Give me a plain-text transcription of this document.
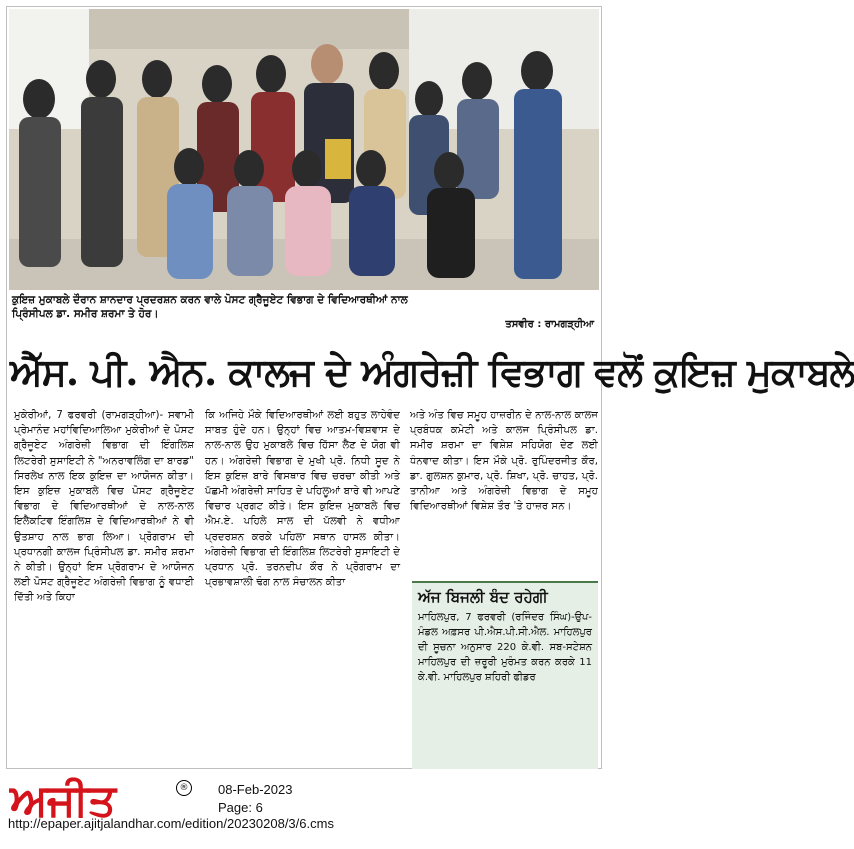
ਕੁਇਜ਼ ਮੁਕਾਬਲੇ ਦੌਰਾਨ ਸ਼ਾਨਦਾਰ ਪ੍ਰਦਰਸ਼ਨ ਕਰਨ ਵਾਲੇ ਪੋਸਟ ਗ੍ਰੈਜੂਏਟ ਵਿਭਾਗ ਦੇ ਵਿਦਿਆਰਥੀਆਂ ਨਾਲ
ਪ੍ਰਿੰਸੀਪਲ ਡਾ. ਸਮੀਰ ਸ਼ਰਮਾ ਤੇ ਹੋਰ।
ਤਸਵੀਰ : ਰਾਮਗੜ੍ਹੀਆ
ਐੱਸ. ਪੀ. ਐਨ. ਕਾਲਜ ਦੇ ਅੰਗਰੇਜ਼ੀ ਵਿਭਾਗ ਵਲੋਂ ਕੁਇਜ਼ ਮੁਕਾਬਲੇ
ਮੁਕੇਰੀਆਂ, 7 ਫਰਵਰੀ (ਰਾਮਗੜ੍ਹੀਆ)- ਸਵਾਮੀ ਪ੍ਰੇਮਾਨੰਦ ਮਹਾਂਵਿਦਿਆਲਿਆ ਮੁਕੇਰੀਆਂ ਦੇ ਪੋਸਟ ਗ੍ਰੈਜੂਏਟ ਅੰਗਰੇਜ਼ੀ ਵਿਭਾਗ ਦੀ ਇੰਗਲਿਸ਼ ਲਿਟਰੇਰੀ ਸੁਸਾਇਟੀ ਨੇ "ਅਨਰਾਵਲਿੰਗ ਦਾ ਬਾਰਡ" ਸਿਰਲੇਖ ਨਾਲ ਇਕ ਕੁਇਜ਼ ਦਾ ਆਯੋਜਨ ਕੀਤਾ। ਇਸ ਕੁਇਜ਼ ਮੁਕਾਬਲੇ ਵਿਚ ਪੋਸਟ ਗ੍ਰੈਜੂਏਟ ਵਿਭਾਗ ਦੇ ਵਿਦਿਆਰਥੀਆਂ ਦੇ ਨਾਲ-ਨਾਲ ਇਲੈਕਟਿਵ ਇੰਗਲਿਸ਼ ਦੇ ਵਿਦਿਆਰਥੀਆਂ ਨੇ ਵੀ ਉਤਸ਼ਾਹ ਨਾਲ ਭਾਗ ਲਿਆ। ਪ੍ਰੋਗਰਾਮ ਦੀ ਪ੍ਰਧਾਨਗੀ ਕਾਲਜ ਪ੍ਰਿੰਸੀਪਲ ਡਾ. ਸਮੀਰ ਸ਼ਰਮਾ ਨੇ ਕੀਤੀ। ਉਨ੍ਹਾਂ ਇਸ ਪ੍ਰੋਗਰਾਮ ਦੇ ਆਯੋਜਨ ਲਈ ਪੋਸਟ ਗ੍ਰੈਜੂਏਟ ਅੰਗਰੇਜ਼ੀ ਵਿਭਾਗ ਨੂੰ ਵਧਾਈ ਦਿੱਤੀ ਅਤੇ ਕਿਹਾ
ਕਿ ਅਜਿਹੇ ਮੌਕੇ ਵਿਦਿਆਰਥੀਆਂ ਲਈ ਬਹੁਤ ਲਾਹੇਵੰਦ ਸਾਬਤ ਹੁੰਦੇ ਹਨ। ਉਨ੍ਹਾਂ ਵਿਚ ਆਤਮ-ਵਿਸ਼ਵਾਸ ਦੇ ਨਾਲ-ਨਾਲ ਉਹ ਮੁਕਾਬਲੇ ਵਿਚ ਹਿੱਸਾ ਲੈਣ ਦੇ ਯੋਗ ਵੀ ਹਨ। ਅੰਗਰੇਜ਼ੀ ਵਿਭਾਗ ਦੇ ਮੁਖੀ ਪ੍ਰੋ. ਨਿਧੀ ਸੂਦ ਨੇ ਇਸ ਕੁਇਜ਼ ਬਾਰੇ ਵਿਸਥਾਰ ਵਿਚ ਚਰਚਾ ਕੀਤੀ ਅਤੇ ਪੱਛਮੀ ਅੰਗਰੇਜ਼ੀ ਸਾਹਿਤ ਦੇ ਪਹਿਲੂਆਂ ਬਾਰੇ ਵੀ ਆਪਣੇ ਵਿਚਾਰ ਪ੍ਰਗਟ ਕੀਤੇ। ਇਸ ਕੁਇਜ਼ ਮੁਕਾਬਲੇ ਵਿਚ ਐਮ.ਏ. ਪਹਿਲੇ ਸਾਲ ਦੀ ਪੱਲਵੀ ਨੇ ਵਧੀਆ ਪ੍ਰਦਰਸ਼ਨ ਕਰਕੇ ਪਹਿਲਾ ਸਥਾਨ ਹਾਸਲ ਕੀਤਾ। ਅੰਗਰੇਜ਼ੀ ਵਿਭਾਗ ਦੀ ਇੰਗਲਿਸ਼ ਲਿਟਰੇਰੀ ਸੁਸਾਇਟੀ ਦੇ ਪ੍ਰਧਾਨ ਪ੍ਰੋ. ਤਰਨਦੀਪ ਕੌਰ ਨੇ ਪ੍ਰੋਗਰਾਮ ਦਾ ਪ੍ਰਭਾਵਸ਼ਾਲੀ ਢੰਗ ਨਾਲ ਸੰਚਾਲਨ ਕੀਤਾ
ਅਤੇ ਅੰਤ ਵਿਚ ਸਮੂਹ ਹਾਜ਼ਰੀਨ ਦੇ ਨਾਲ-ਨਾਲ ਕਾਲਜ ਪ੍ਰਬੰਧਕ ਕਮੇਟੀ ਅਤੇ ਕਾਲਜ ਪ੍ਰਿੰਸੀਪਲ ਡਾ. ਸਮੀਰ ਸ਼ਰਮਾ ਦਾ ਵਿਸ਼ੇਸ਼ ਸਹਿਯੋਗ ਦੇਣ ਲਈ ਧੰਨਵਾਦ ਕੀਤਾ। ਇਸ ਮੌਕੇ ਪ੍ਰੋ. ਰੁਪਿੰਦਰਜੀਤ ਕੌਰ, ਡਾ. ਗੁਲਸ਼ਨ ਕੁਮਾਰ, ਪ੍ਰੋ. ਸ਼ਿਖਾ, ਪ੍ਰੋ. ਚਾਹਤ, ਪ੍ਰੋ. ਤਾਨੀਆ ਅਤੇ ਅੰਗਰੇਜ਼ੀ ਵਿਭਾਗ ਦੇ ਸਮੂਹ ਵਿਦਿਆਰਥੀਆਂ ਵਿਸ਼ੇਸ਼ ਤੌਰ 'ਤੇ ਹਾਜ਼ਰ ਸਨ।
ਅੱਜ ਬਿਜਲੀ ਬੰਦ ਰਹੇਗੀ
ਮਾਹਿਲਪੁਰ, 7 ਫਰਵਰੀ (ਰਜਿੰਦਰ ਸਿੰਘ)-ਉਪ-ਮੰਡਲ ਅਫ਼ਸਰ ਪੀ.ਐਸ.ਪੀ.ਸੀ.ਐਲ. ਮਾਹਿਲਪੁਰ ਦੀ ਸੂਚਨਾ ਅਨੁਸਾਰ 220 ਕੇ.ਵੀ. ਸਬ-ਸਟੇਸ਼ਨ ਮਾਹਿਲਪੁਰ ਦੀ ਜ਼ਰੂਰੀ ਮੁਰੰਮਤ ਕਰਨ ਕਰਕੇ 11 ਕੇ.ਵੀ. ਮਾਹਿਲਪੁਰ ਸ਼ਹਿਰੀ ਫੀਡਰ
ਅਜੀਤ	® 08-Feb-2023
Page: 6
http://epaper.ajitjalandhar.com/edition/20230208/3/6.cms
